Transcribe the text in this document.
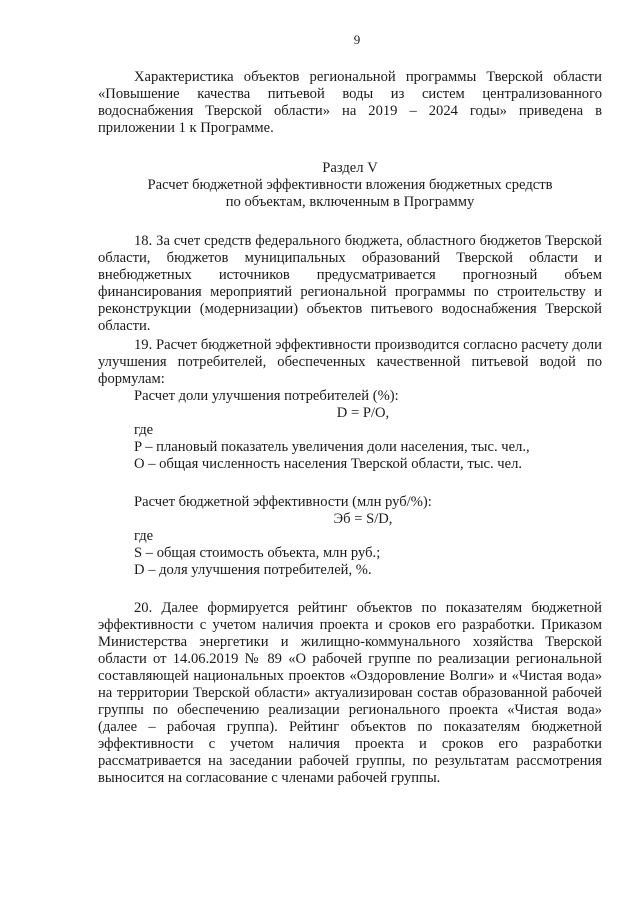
9

Характеристика объектов региональной программы Тверской области «Повышение качества питьевой воды из систем централизованного водоснабжения Тверской области» на 2019 – 2024 годы» приведена в приложении 1 к Программе.

Раздел V

Расчет бюджетной эффективности вложения бюджетных средств

по объектам, включенным в Программу

18. За счет средств федерального бюджета, областного бюджетов Тверской области, бюджетов муниципальных образований Тверской области и внебюджетных источников предусматривается прогнозный объем финансирования мероприятий региональной программы по строительству и реконструкции (модернизации) объектов питьевого водоснабжения Тверской области.

19. Расчет бюджетной эффективности производится согласно расчету доли улучшения потребителей, обеспеченных качественной питьевой водой по формулам:

Расчет доли улучшения потребителей (%):

D = P/O,

где

P – плановый показатель увеличения доли населения, тыс. чел.,

O – общая численность населения Тверской области, тыс. чел.

Расчет бюджетной эффективности (млн руб/%):

Эб = S/D,

где

S – общая стоимость объекта, млн руб.;

D – доля улучшения потребителей, %.

20. Далее формируется рейтинг объектов по показателям бюджетной эффективности с учетом наличия проекта и сроков его разработки. Приказом Министерства энергетики и жилищно-коммунального хозяйства Тверской области от 14.06.2019 № 89 «О рабочей группе по реализации региональной составляющей национальных проектов «Оздоровление Волги» и «Чистая вода» на территории Тверской области» актуализирован состав образованной рабочей группы по обеспечению реализации регионального проекта «Чистая вода» (далее – рабочая группа). Рейтинг объектов по показателям бюджетной эффективности с учетом наличия проекта и сроков его разработки рассматривается на заседании рабочей группы, по результатам рассмотрения выносится на согласование с членами рабочей группы.
